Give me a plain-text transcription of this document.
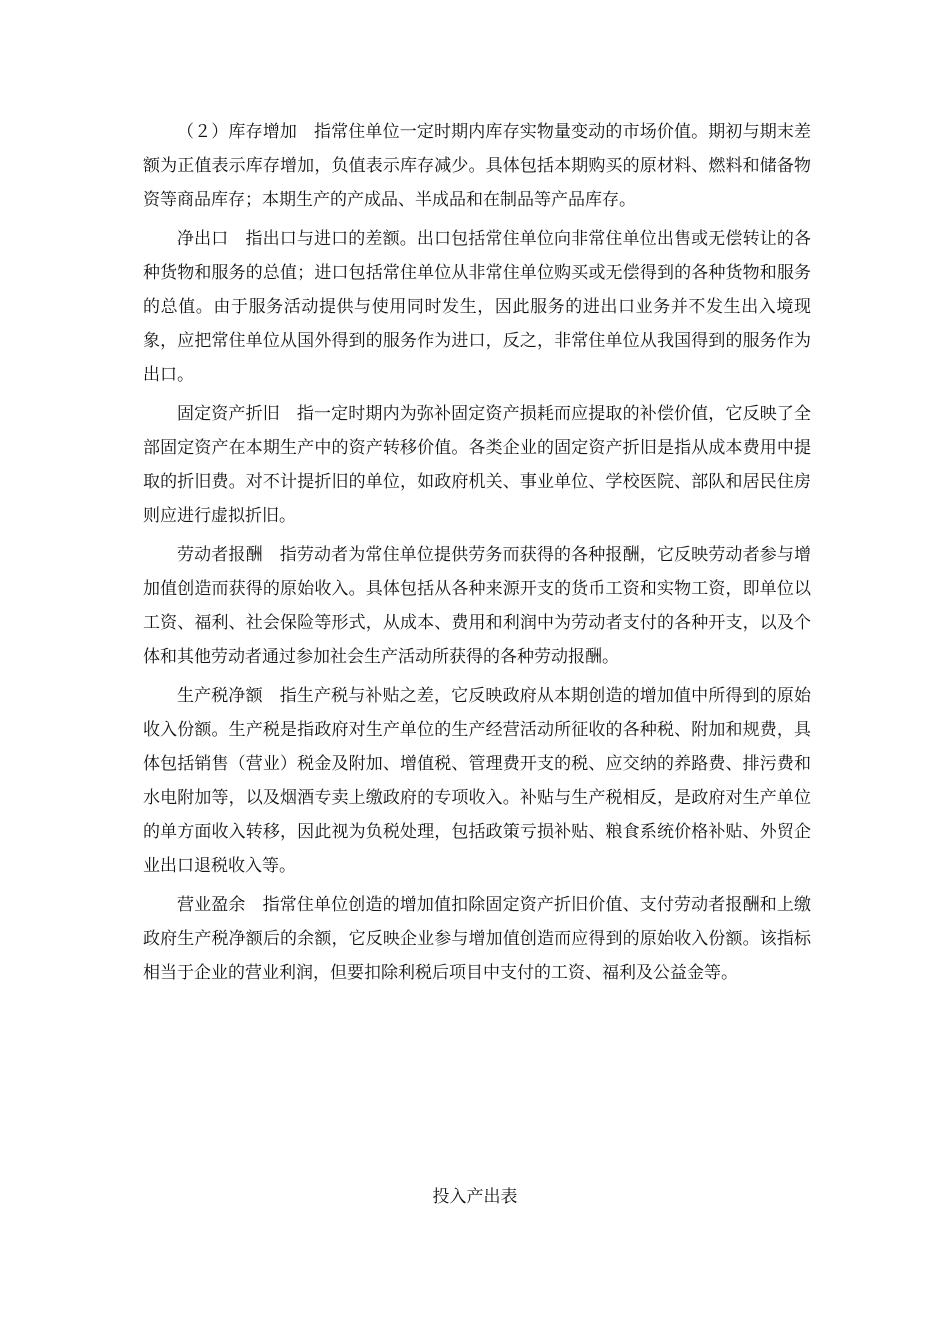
（２）库存增加 指常住单位一定时期内库存实物量变动的市场价值。期初与期末差额为正值表示库存增加，负值表示库存减少。具体包括本期购买的原材料、燃料和储备物资等商品库存；本期生产的产成品、半成品和在制品等产品库存。

净出口 指出口与进口的差额。出口包括常住单位向非常住单位出售或无偿转让的各种货物和服务的总值；进口包括常住单位从非常住单位购买或无偿得到的各种货物和服务的总值。由于服务活动提供与使用同时发生，因此服务的进出口业务并不发生出入境现象，应把常住单位从国外得到的服务作为进口，反之，非常住单位从我国得到的服务作为出口。

固定资产折旧 指一定时期内为弥补固定资产损耗而应提取的补偿价值，它反映了全部固定资产在本期生产中的资产转移价值。各类企业的固定资产折旧是指从成本费用中提取的折旧费。对不计提折旧的单位，如政府机关、事业单位、学校医院、部队和居民住房则应进行虚拟折旧。

劳动者报酬 指劳动者为常住单位提供劳务而获得的各种报酬，它反映劳动者参与增加值创造而获得的原始收入。具体包括从各种来源开支的货币工资和实物工资，即单位以工资、福利、社会保险等形式，从成本、费用和利润中为劳动者支付的各种开支，以及个体和其他劳动者通过参加社会生产活动所获得的各种劳动报酬。

生产税净额 指生产税与补贴之差，它反映政府从本期创造的增加值中所得到的原始收入份额。生产税是指政府对生产单位的生产经营活动所征收的各种税、附加和规费，具体包括销售（营业）税金及附加、增值税、管理费开支的税、应交纳的养路费、排污费和水电附加等，以及烟酒专卖上缴政府的专项收入。补贴与生产税相反，是政府对生产单位的单方面收入转移，因此视为负税处理，包括政策亏损补贴、粮食系统价格补贴、外贸企业出口退税收入等。

营业盈余 指常住单位创造的增加值扣除固定资产折旧价值、支付劳动者报酬和上缴政府生产税净额后的余额，它反映企业参与增加值创造而应得到的原始收入份额。该指标相当于企业的营业利润，但要扣除利税后项目中支付的工资、福利及公益金等。

投入产出表
